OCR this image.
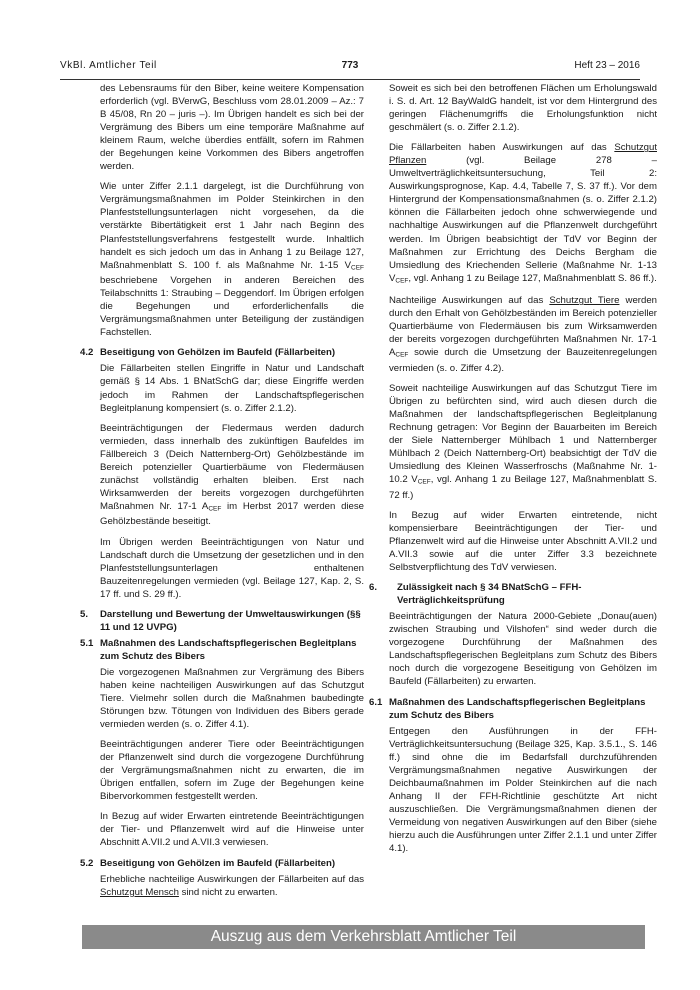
VkBl. Amtlicher Teil	773	Heft 23 – 2016

des Lebensraums für den Biber, keine weitere Kompensation erforderlich (vgl. BVerwG, Beschluss vom 28.01.2009 – Az.: 7 B 45/08, Rn 20 – juris –). Im Übrigen handelt es sich bei der Vergrämung des Bibers um eine temporäre Maßnahme auf kleinem Raum, welche überdies entfällt, sofern im Rahmen der Begehungen keine Vorkommen des Bibers angetroffen werden.

Wie unter Ziffer 2.1.1 dargelegt, ist die Durchführung von Vergrämungsmaßnahmen im Polder Steinkirchen in den Planfeststellungsunterlagen nicht vorgesehen, da die verstärkte Bibertätigkeit erst 1 Jahr nach Beginn des Planfeststellungsverfahrens festgestellt wurde. Inhaltlich handelt es sich jedoch um das in Anhang 1 zu Beilage 127, Maßnahmenblatt S. 100 f. als Maßnahme Nr. 1-15 $V_{CEF}$ beschriebene Vorgehen in anderen Bereichen des Teilabschnitts 1: Straubing – Deggendorf. Im Übrigen erfolgen die Begehungen und erforderlichenfalls die Vergrämungsmaßnahmen unter Beteiligung der zuständigen Fachstellen.

4.2 Beseitigung von Gehölzen im Baufeld (Fällarbeiten)

Die Fällarbeiten stellen Eingriffe in Natur und Landschaft gemäß § 14 Abs. 1 BNatSchG dar; diese Eingriffe werden jedoch im Rahmen der Landschaftspflegerischen Begleitplanung kompensiert (s. o. Ziffer 2.1.2).

Beeinträchtigungen der Fledermaus werden dadurch vermieden, dass innerhalb des zukünftigen Baufeldes im Fällbereich 3 (Deich Natternberg-Ort) Gehölzbestände im Bereich potenzieller Quartierbäume von Fledermäusen zunächst vollständig erhalten bleiben. Erst nach Wirksamwerden der bereits vorgezogen durchgeführten Maßnahmen Nr. 17-1 $A_{CEF}$ im Herbst 2017 werden diese Gehölzbestände beseitigt.

Im Übrigen werden Beeinträchtigungen von Natur und Landschaft durch die Umsetzung der gesetzlichen und in den Planfeststellungsunterlagen enthaltenen Bauzeitenregelungen vermieden (vgl. Beilage 127, Kap. 2, S. 17 ff. und S. 29 ff.).

5.	Darstellung und Bewertung der Umweltauswirkungen (§§ 11 und 12 UVPG)
5.1 Maßnahmen des Landschaftspflegerischen Begleitplans zum Schutz des Bibers

Die vorgezogenen Maßnahmen zur Vergrämung des Bibers haben keine nachteiligen Auswirkungen auf das Schutzgut Tiere. Vielmehr sollen durch die Maßnahmen baubedingte Störungen bzw. Tötungen von Individuen des Bibers gerade vermieden werden (s. o. Ziffer 4.1).

Beeinträchtigungen anderer Tiere oder Beeinträchtigungen der Pflanzenwelt sind durch die vorgezogene Durchführung der Vergrämungsmaßnahmen nicht zu erwarten, die im Übrigen entfallen, sofern im Zuge der Begehungen keine Bibervorkommen festgestellt werden.

In Bezug auf wider Erwarten eintretende Beeinträchtigungen der Tier- und Pflanzenwelt wird auf die Hinweise unter Abschnitt A.VII.2 und A.VII.3 verwiesen.

5.2 Beseitigung von Gehölzen im Baufeld (Fällarbeiten)

Erhebliche nachteilige Auswirkungen der Fällarbeiten auf das Schutzgut Mensch sind nicht zu erwarten.

Soweit es sich bei den betroffenen Flächen um Erholungswald i. S. d. Art. 12 BayWaldG handelt, ist vor dem Hintergrund des geringen Flächenumgriffs die Erholungsfunktion nicht geschmälert (s. o. Ziffer 2.1.2).

Die Fällarbeiten haben Auswirkungen auf das Schutzgut Pflanzen (vgl. Beilage 278 – Umweltverträglichkeitsuntersuchung, Teil 2: Auswirkungsprognose, Kap. 4.4, Tabelle 7, S. 37 ff.). Vor dem Hintergrund der Kompensationsmaßnahmen (s. o. Ziffer 2.1.2) können die Fällarbeiten jedoch ohne schwerwiegende und nachhaltige Auswirkungen auf die Pflanzenwelt durchgeführt werden. Im Übrigen beabsichtigt der TdV vor Beginn der Maßnahmen zur Errichtung des Deichs Bergham die Umsiedlung des Kriechenden Sellerie (Maßnahme Nr. 1-13 $V_{CEF}$, vgl. Anhang 1 zu Beilage 127, Maßnahmenblatt S. 86 ff.).

Nachteilige Auswirkungen auf das Schutzgut Tiere werden durch den Erhalt von Gehölzbeständen im Bereich potenzieller Quartierbäume von Fledermäusen bis zum Wirksamwerden der bereits vorgezogen durchgeführten Maßnahmen Nr. 17-1 $A_{CEF}$ sowie durch die Umsetzung der Bauzeitenregelungen vermieden (s. o. Ziffer 4.2).

Soweit nachteilige Auswirkungen auf das Schutzgut Tiere im Übrigen zu befürchten sind, wird auch diesen durch die Maßnahmen der landschaftspflegerischen Begleitplanung Rechnung getragen: Vor Beginn der Bauarbeiten im Bereich der Siele Natternberger Mühlbach 1 und Natternberger Mühlbach 2 (Deich Natternberg-Ort) beabsichtigt der TdV die Umsiedlung des Kleinen Wasserfroschs (Maßnahme Nr. 1-10.2 $V_{CEF}$, vgl. Anhang 1 zu Beilage 127, Maßnahmenblatt S. 72 ff.)

In Bezug auf wider Erwarten eintretende, nicht kompensierbare Beeinträchtigungen der Tier- und Pflanzenwelt wird auf die Hinweise unter Abschnitt A.VII.2 und A.VII.3 sowie auf die unter Ziffer 3.3 bezeichnete Selbstverpflichtung des TdV verwiesen.

6.	Zulässigkeit nach § 34 BNatSchG – FFH-Verträglichkeitsprüfung

Beeinträchtigungen der Natura 2000-Gebiete „Donau(auen) zwischen Straubing und Vilshofen“ sind weder durch die vorgezogene Durchführung der Maßnahmen des Landschaftspflegerischen Begleitplans zum Schutz des Bibers noch durch die vorgezogene Beseitigung von Gehölzen im Baufeld (Fällarbeiten) zu erwarten.

6.1 Maßnahmen des Landschaftspflegerischen Begleitplans zum Schutz des Bibers

Entgegen den Ausführungen in der FFH-Verträglichkeitsuntersuchung (Beilage 325, Kap. 3.5.1., S. 146 ff.) sind ohne die im Bedarfsfall durchzuführenden Vergrämungsmaßnahmen negative Auswirkungen der Deichbaumaßnahmen im Polder Steinkirchen auf die nach Anhang II der FFH-Richtlinie geschützte Art nicht auszuschließen. Die Vergrämungsmaßnahmen dienen der Vermeidung von negativen Auswirkungen auf den Biber (siehe hierzu auch die Ausführungen unter Ziffer 2.1.1 und unter Ziffer 4.1).

Auszug aus dem Verkehrsblatt Amtlicher Teil
